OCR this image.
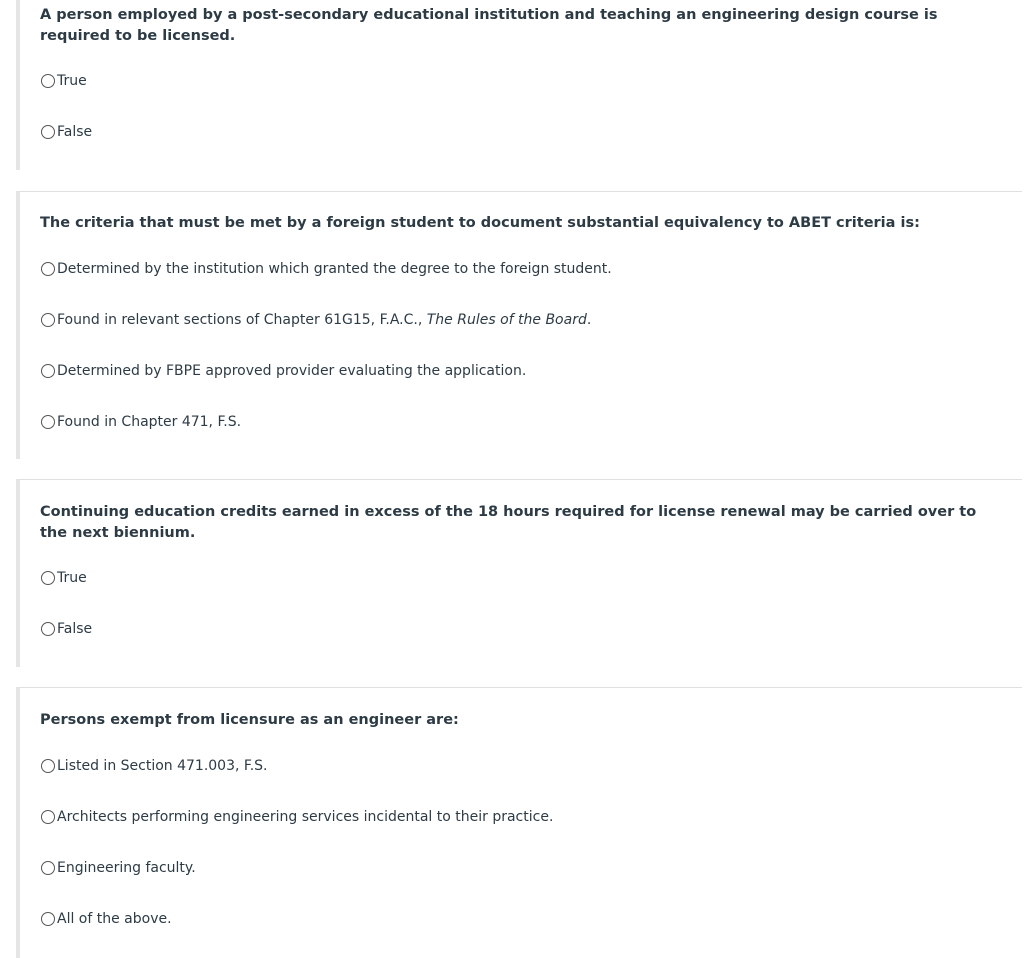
A person employed by a post-secondary educational institution and teaching an engineering design course is required to be licensed.

True
False

The criteria that must be met by a foreign student to document substantial equivalency to ABET criteria is:

Determined by the institution which granted the degree to the foreign student.
Found in relevant sections of Chapter 61G15, F.A.C., The Rules of the Board.
Determined by FBPE approved provider evaluating the application.
Found in Chapter 471, F.S.

Continuing education credits earned in excess of the 18 hours required for license renewal may be carried over to the next biennium.

True
False

Persons exempt from licensure as an engineer are:

Listed in Section 471.003, F.S.
Architects performing engineering services incidental to their practice.
Engineering faculty.
All of the above.
